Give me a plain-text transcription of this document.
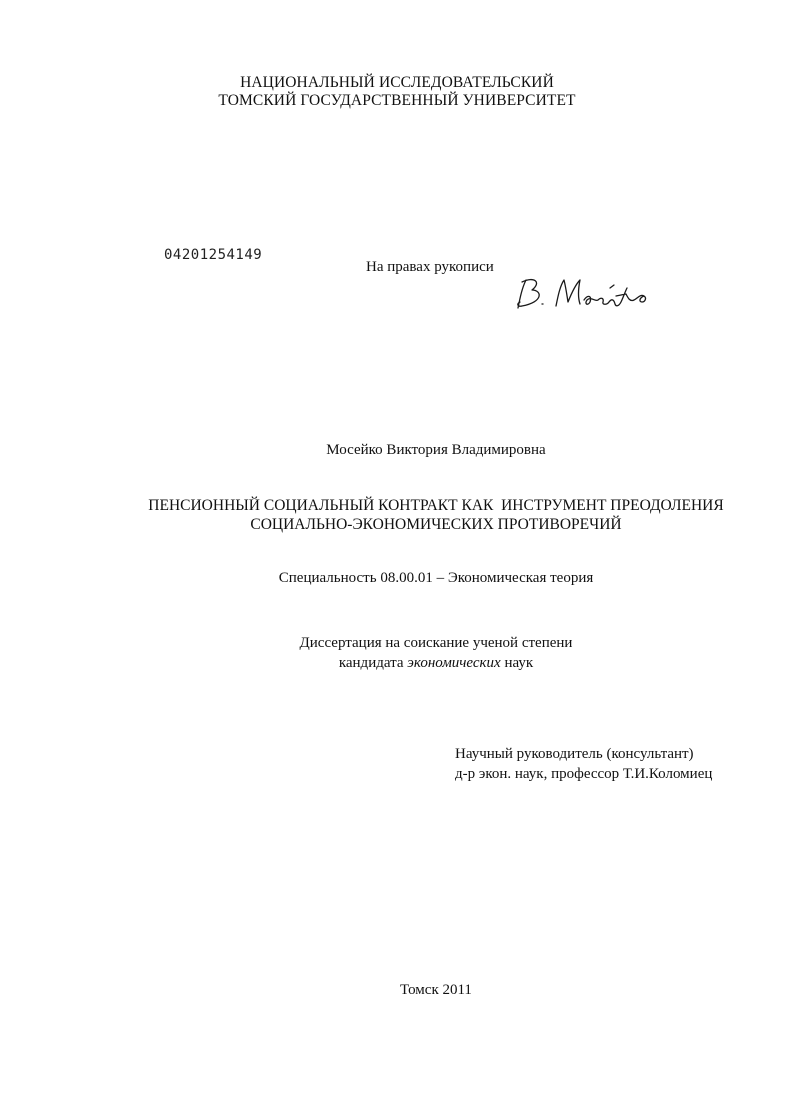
НАЦИОНАЛЬНЫЙ ИССЛЕДОВАТЕЛЬСКИЙ
ТОМСКИЙ ГОСУДАРСТВЕННЫЙ УНИВЕРСИТЕТ
04201254149
На правах рукописи
Мосейко Виктория Владимировна
ПЕНСИОННЫЙ СОЦИАЛЬНЫЙ КОНТРАКТ КАК  ИНСТРУМЕНТ ПРЕОДОЛЕНИЯ
СОЦИАЛЬНО-ЭКОНОМИЧЕСКИХ ПРОТИВОРЕЧИЙ
Специальность 08.00.01 – Экономическая теория
Диссертация на соискание ученой степени
кандидата экономических наук
Научный руководитель (консультант)
д-р экон. наук, профессор Т.И.Коломиец
Томск 2011
